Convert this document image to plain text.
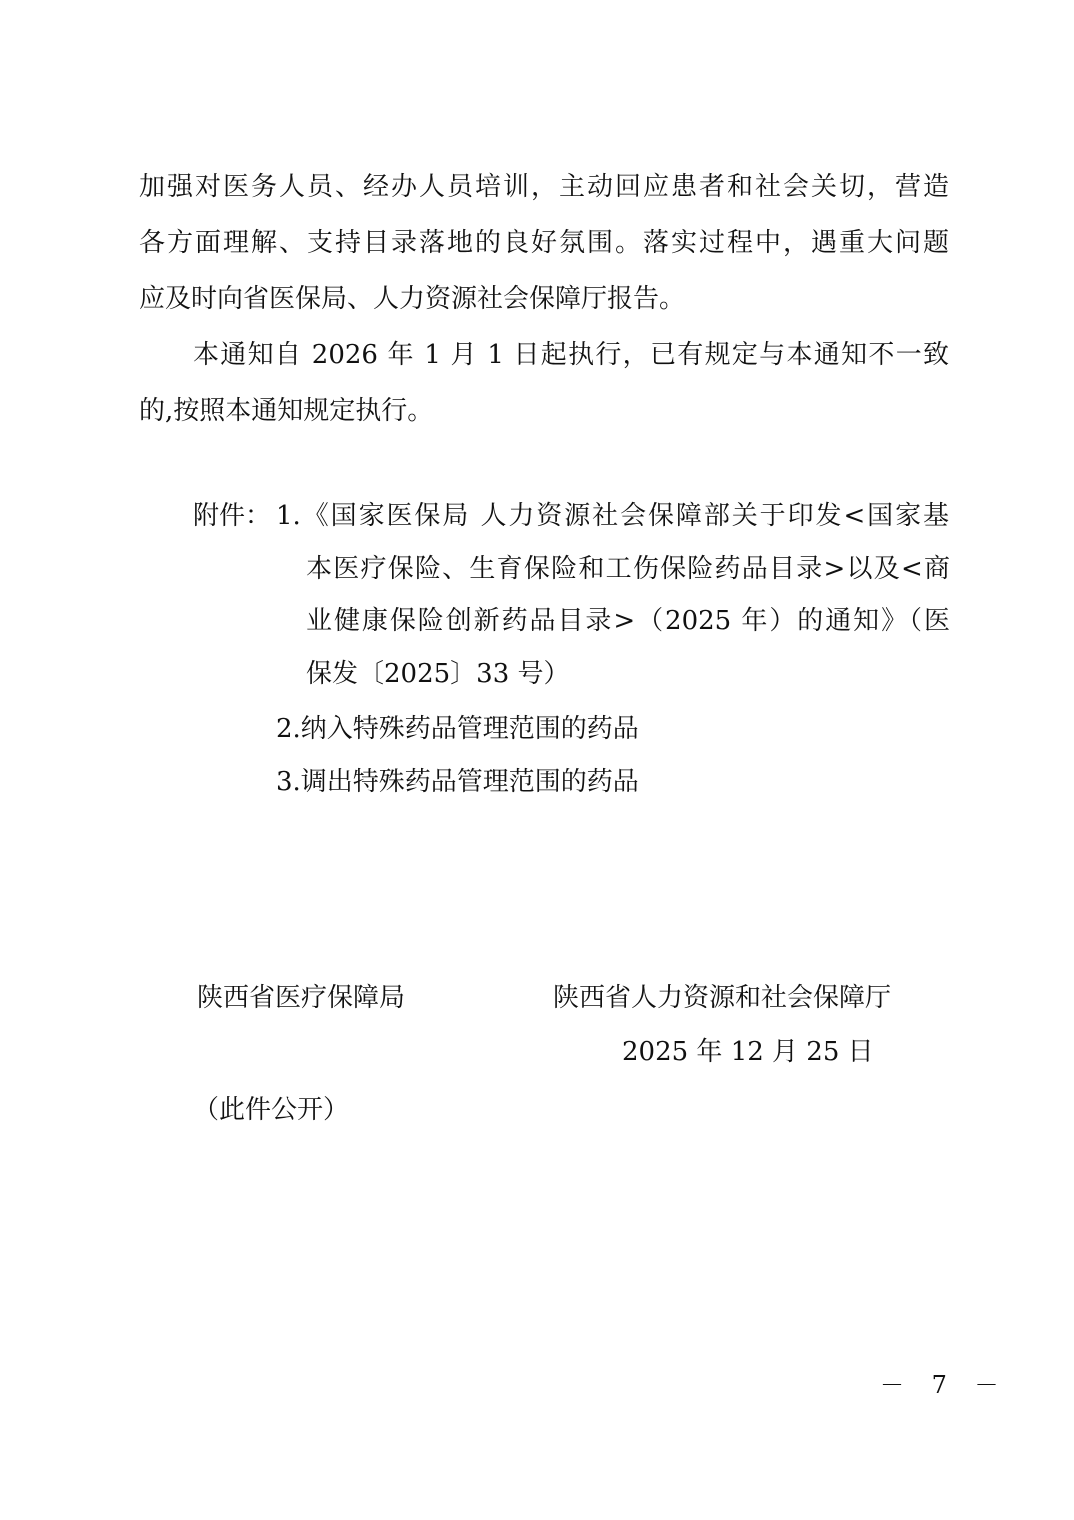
加强对医务人员、经办人员培训，主动回应患者和社会关切，营造
各方面理解、支持目录落地的良好氛围。落实过程中，遇重大问题
应及时向省医保局、人力资源社会保障厅报告。
本通知自 2026 年 1 月 1 日起执行，已有规定与本通知不一致
的,按照本通知规定执行。
附件： 1.《国家医保局 人力资源社会保障部关于印发<国家基
本医疗保险、生育保险和工伤保险药品目录>以及<商
业健康保险创新药品目录>（2025 年）的通知》（医
保发〔2025〕33 号）
2.纳入特殊药品管理范围的药品
3.调出特殊药品管理范围的药品
陕西省医疗保障局	陕西省人力资源和社会保障厅
2025 年 12 月 25 日
（此件公开）
－ 7 －
